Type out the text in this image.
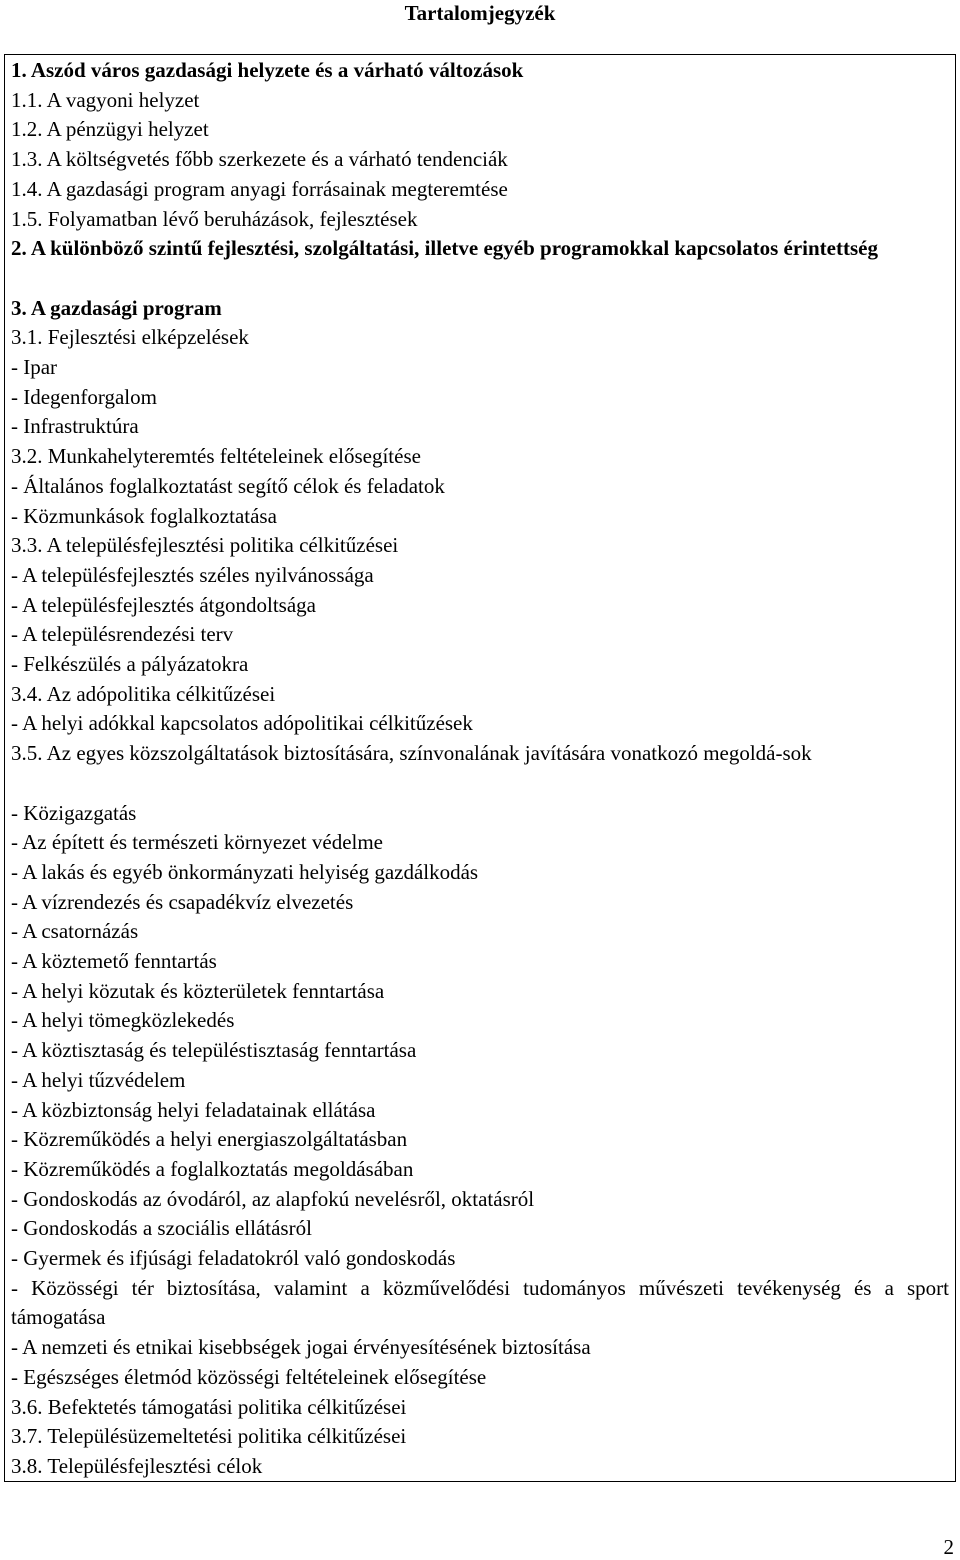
Tartalomjegyzék
1. Aszód város gazdasági helyzete és a várható változások
1.1. A vagyoni helyzet
1.2. A pénzügyi helyzet
1.3. A költségvetés főbb szerkezete és a várható tendenciák
1.4. A gazdasági program anyagi forrásainak megteremtése
1.5. Folyamatban lévő beruházások, fejlesztések
2. A különböző szintű fejlesztési, szolgáltatási, illetve egyéb programokkal kapcsolatos érintettség
3. A gazdasági program
3.1. Fejlesztési elképzelések
- Ipar
- Idegenforgalom
- Infrastruktúra
3.2. Munkahelyteremtés feltételeinek elősegítése
- Általános foglalkoztatást segítő célok és feladatok
- Közmunkások foglalkoztatása
3.3. A településfejlesztési politika célkitűzései
- A településfejlesztés széles nyilvánossága
- A településfejlesztés átgondoltsága
- A településrendezési terv
- Felkészülés a pályázatokra
3.4. Az adópolitika célkitűzései
- A helyi adókkal kapcsolatos adópolitikai célkitűzések
3.5. Az egyes közszolgáltatások biztosítására, színvonalának javítására vonatkozó megoldá-sok
- Közigazgatás
- Az épített és természeti környezet védelme
- A lakás és egyéb önkormányzati helyiség gazdálkodás
- A vízrendezés és csapadékvíz elvezetés
- A csatornázás
- A köztemető fenntartás
- A helyi közutak és közterületek fenntartása
- A helyi tömegközlekedés
- A köztisztaság és településtisztaság fenntartása
- A helyi tűzvédelem
- A közbiztonság helyi feladatainak ellátása
- Közreműködés a helyi energiaszolgáltatásban
- Közreműködés a foglalkoztatás megoldásában
- Gondoskodás az óvodáról, az alapfokú nevelésről, oktatásról
- Gondoskodás a szociális ellátásról
- Gyermek és ifjúsági feladatokról való gondoskodás
- Közösségi tér biztosítása, valamint a közművelődési tudományos művészeti tevékenység és a sport támogatása
- A nemzeti és etnikai kisebbségek jogai érvényesítésének biztosítása
- Egészséges életmód közösségi feltételeinek elősegítése
3.6. Befektetés támogatási politika célkitűzései
3.7. Településüzemeltetési politika célkitűzései
3.8. Településfejlesztési célok
2
